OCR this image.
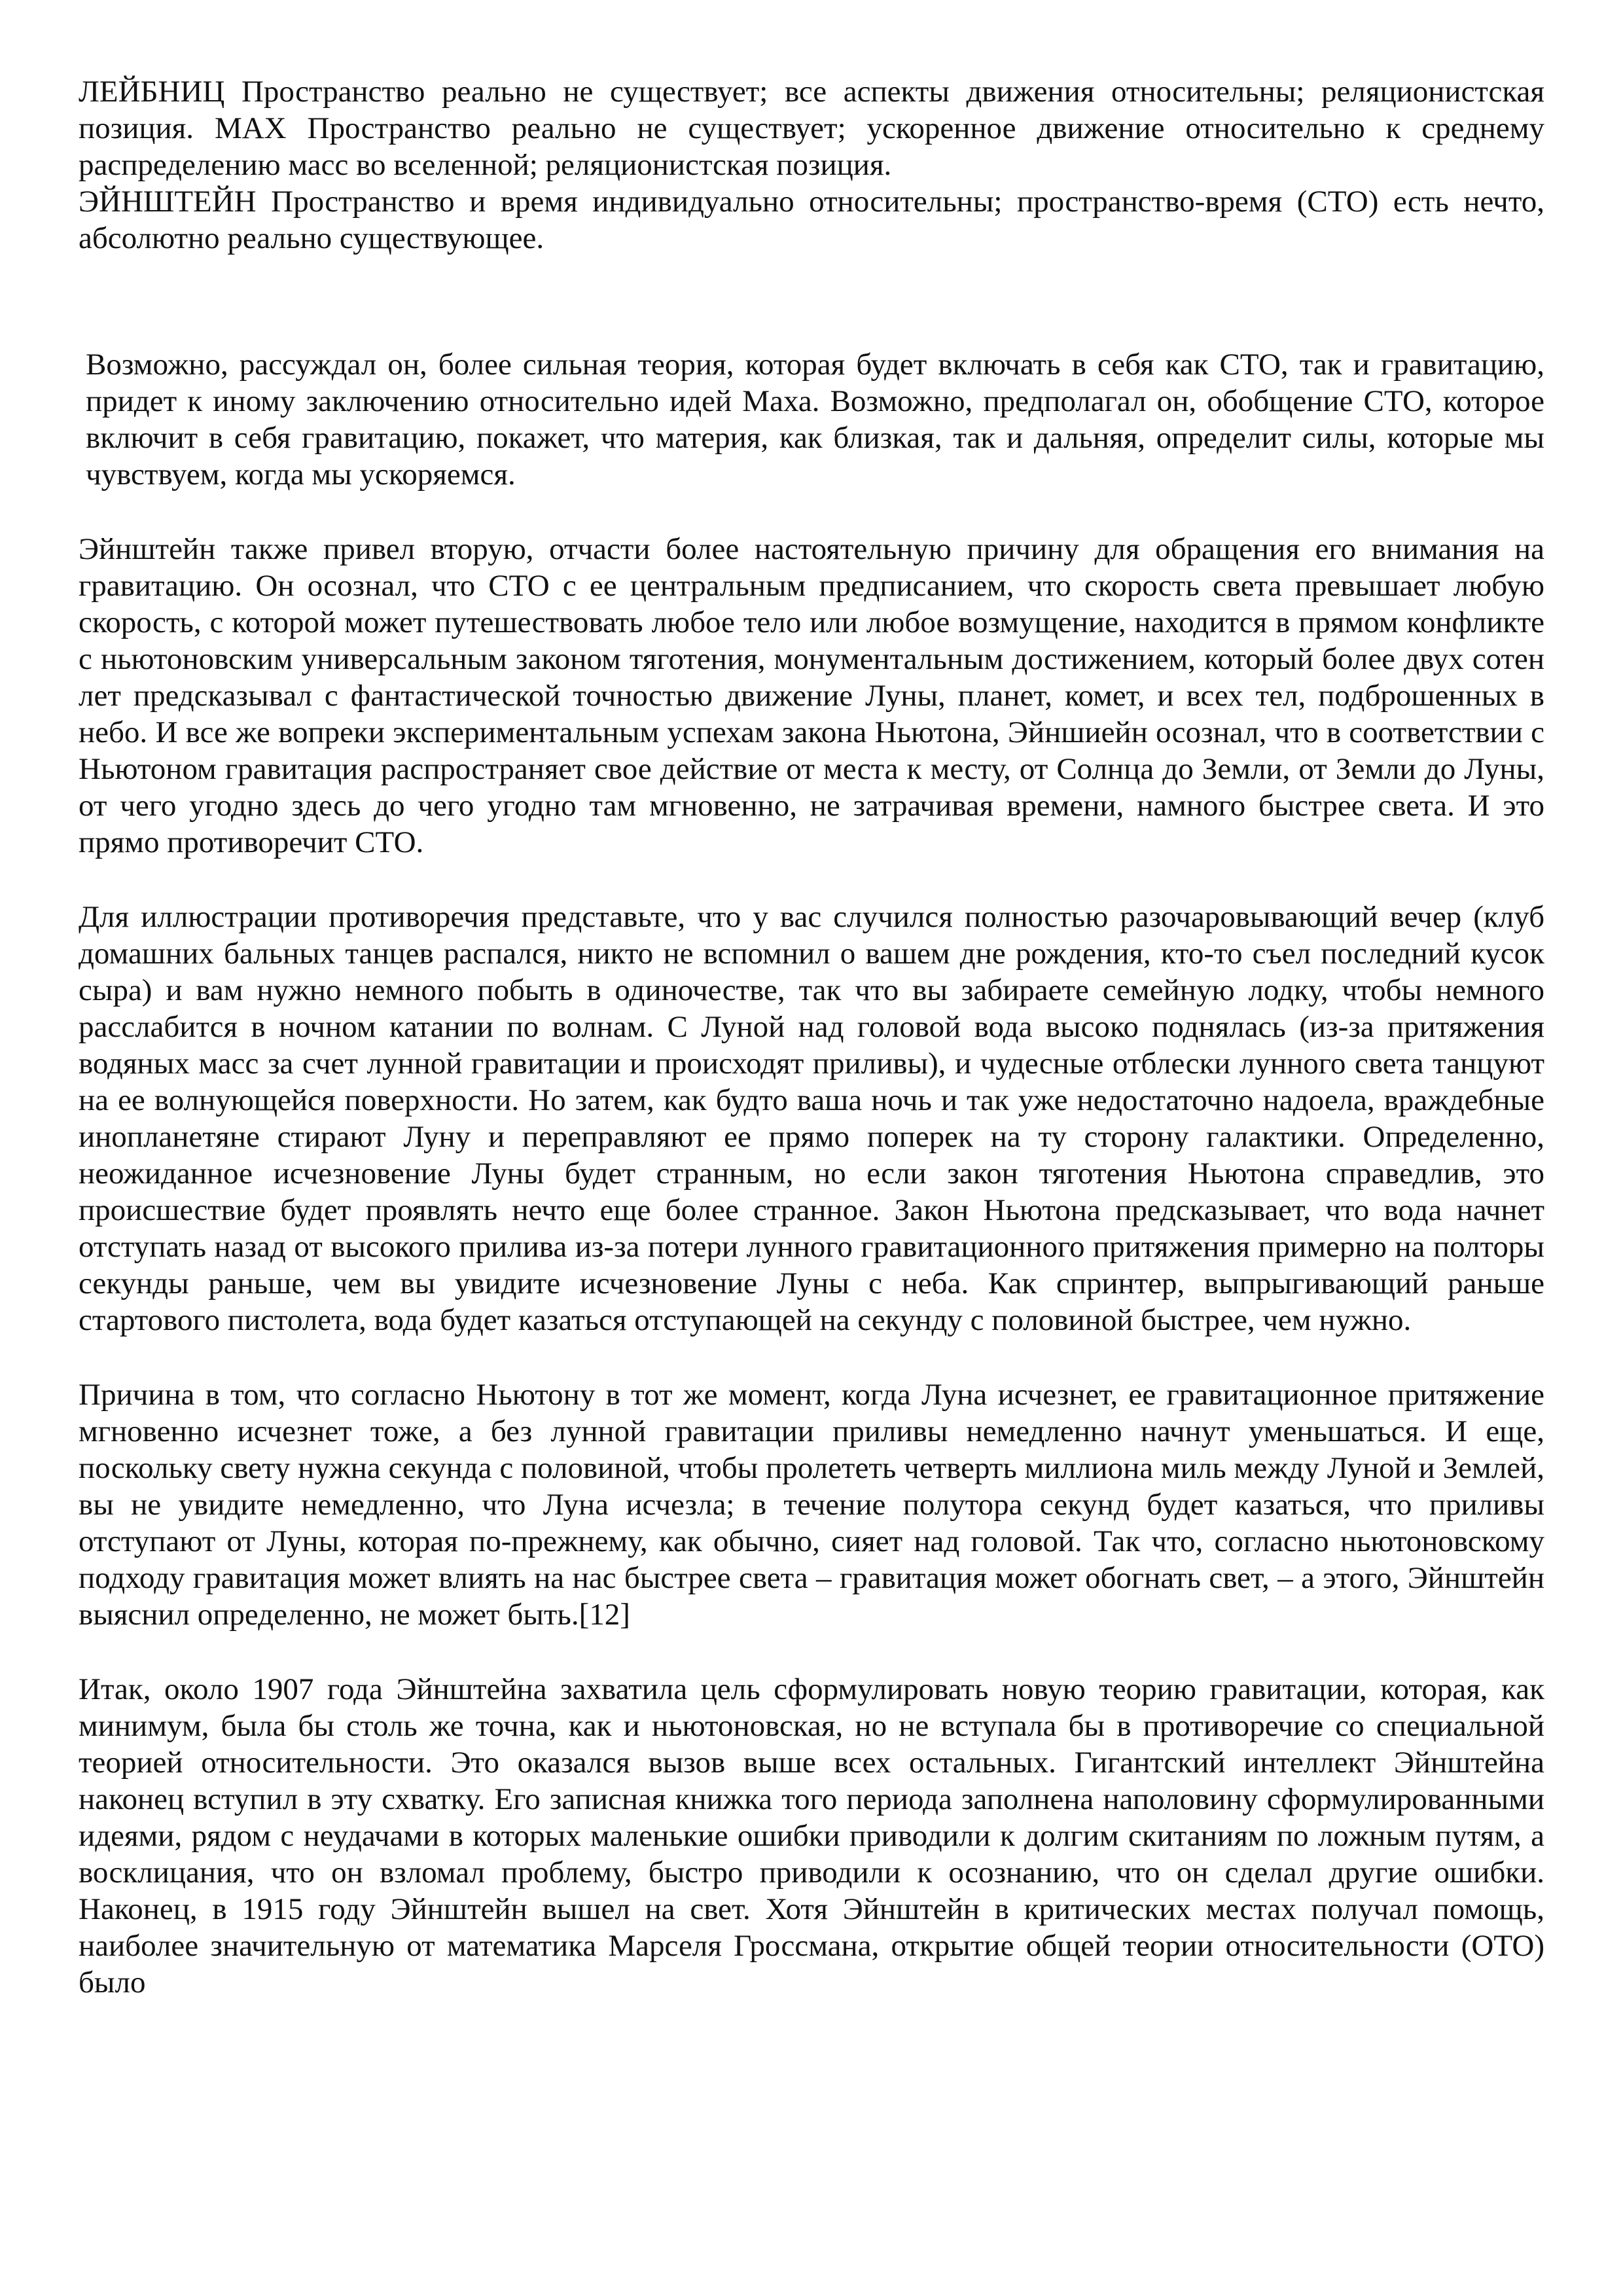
ЛЕЙБНИЦ Пространство реально не существует; все аспекты движения относительны; реляционистская позиция. МАХ Пространство реально не существует; ускоренное движение относительно к среднему распределению масс во вселенной; реляционистская позиция.

ЭЙНШТЕЙН Пространство и время индивидуально относительны; пространство-время (СТО) есть нечто, абсолютно реально существующее.

Возможно, рассуждал он, более сильная теория, которая будет включать в себя как СТО, так и гравитацию, придет к иному заключению относительно идей Маха. Возможно, предполагал он, обобщение СТО, которое включит в себя гравитацию, покажет, что материя, как близкая, так и дальняя, определит силы, которые мы чувствуем, когда мы ускоряемся.

Эйнштейн также привел вторую, отчасти более настоятельную причину для обращения его внимания на гравитацию. Он осознал, что СТО с ее центральным предписанием, что скорость света превышает любую скорость, с которой может путешествовать любое тело или любое возмущение, находится в прямом конфликте с ньютоновским универсальным законом тяготения, монументальным достижением, который более двух сотен лет предсказывал с фантастической точностью движение Луны, планет, комет, и всех тел, подброшенных в небо. И все же вопреки экспериментальным успехам закона Ньютона, Эйншиейн осознал, что в соответствии с Ньютоном гравитация распространяет свое действие от места к месту, от Солнца до Земли, от Земли до Луны, от чего угодно здесь до чего угодно там мгновенно, не затрачивая времени, намного быстрее света. И это прямо противоречит СТО.

Для иллюстрации противоречия представьте, что у вас случился полностью разочаровывающий вечер (клуб домашних бальных танцев распался, никто не вспомнил о вашем дне рождения, кто-то съел последний кусок сыра) и вам нужно немного побыть в одиночестве, так что вы забираете семейную лодку, чтобы немного расслабится в ночном катании по волнам. С Луной над головой вода высоко поднялась (из-за притяжения водяных масс за счет лунной гравитации и происходят приливы), и чудесные отблески лунного света танцуют на ее волнующейся поверхности. Но затем, как будто ваша ночь и так уже недостаточно надоела, враждебные инопланетяне стирают Луну и переправляют ее прямо поперек на ту сторону галактики. Определенно, неожиданное исчезновение Луны будет странным, но если закон тяготения Ньютона справедлив, это происшествие будет проявлять нечто еще более странное. Закон Ньютона предсказывает, что вода начнет отступать назад от высокого прилива из-за потери лунного гравитационного притяжения примерно на полторы секунды раньше, чем вы увидите исчезновение Луны с неба. Как спринтер, выпрыгивающий раньше стартового пистолета, вода будет казаться отступающей на секунду с половиной быстрее, чем нужно.

Причина в том, что согласно Ньютону в тот же момент, когда Луна исчезнет, ее гравитационное притяжение мгновенно исчезнет тоже, а без лунной гравитации приливы немедленно начнут уменьшаться. И еще, поскольку свету нужна секунда с половиной, чтобы пролететь четверть миллиона миль между Луной и Землей, вы не увидите немедленно, что Луна исчезла; в течение полутора секунд будет казаться, что приливы отступают от Луны, которая по-прежнему, как обычно, сияет над головой. Так что, согласно ньютоновскому подходу гравитация может влиять на нас быстрее света – гравитация может обогнать свет, – а этого, Эйнштейн выяснил определенно, не может быть.[12]

Итак, около 1907 года Эйнштейна захватила цель сформулировать новую теорию гравитации, которая, как минимум, была бы столь же точна, как и ньютоновская, но не вступала бы в противоречие со специальной теорией относительности. Это оказался вызов выше всех остальных. Гигантский интеллект Эйнштейна наконец вступил в эту схватку. Его записная книжка того периода заполнена наполовину сформулированными идеями, рядом с неудачами в которых маленькие ошибки приводили к долгим скитаниям по ложным путям, а восклицания, что он взломал проблему, быстро приводили к осознанию, что он сделал другие ошибки. Наконец, в 1915 году Эйнштейн вышел на свет. Хотя Эйнштейн в критических местах получал помощь, наиболее значительную от математика Марселя Гроссмана, открытие общей теории относительности (ОТО) было
